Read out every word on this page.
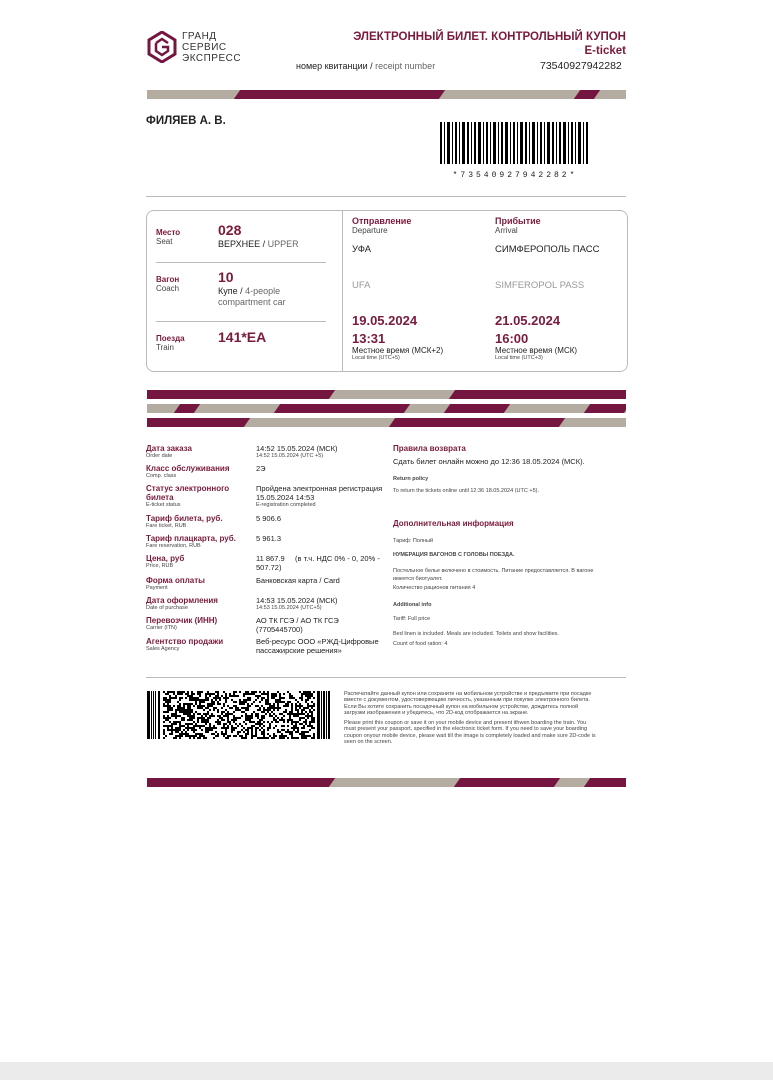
ГРАНД
СЕРВИС
ЭКСПРЕСС
ЭЛЕКТРОННЫЙ БИЛЕТ. КОНТРОЛЬНЫЙ КУПОН
E-ticket
номер квитанции / receipt number	73540927942282
ФИЛЯЕВ А. В.
*73540927942282*
Место
Seat
028
ВЕРХНЕЕ / UPPER
Вагон
Coach
10
Купе / 4-people
compartment car
Поезда
Train
141*ЕА
Отправление
Departure
УФА
UFA
19.05.2024
13:31
Местное время (МСК+2)
Local time (UTC+5)
Прибытие
Arrival
СИМФЕРОПОЛЬ ПАСС
SIMFEROPOL PASS
21.05.2024
16:00
Местное время (МСК)
Local time (UTC+3)
Дата заказа
Order date
14:52 15.05.2024 (МСК)
14:52 15.05.2024 (UTC +5)
Класс обслуживания
Comp. class
2Э
Статус электронного
билета
E-ticket status
Пройдена электронная регистрация
15.05.2024 14:53
E-registration completed
Тариф билета, руб.
Fare ticket, RUB
5 906.6
Тариф плацкарта, руб.
Fare reservation, RUB
5 961.3
Цена, руб
Price, RUB
11 867.9     (в т.ч. НДС 0% - 0, 20% -
507.72)
Форма оплаты
Payment
Банковская карта / Card
Дата оформления
Date of purchase
14:53 15.05.2024 (МСК)
14:53 15.05.2024 (UTC+5)
Перевозчик (ИНН)
Carrier (ITN)
АО ТК ГСЭ / АО ТК ГСЭ
(7705445700)
Агентство продажи
Sales Agency
Веб-ресурс ООО «РЖД-Цифровые
пассажирские решения»
Правила возврата
Сдать билет онлайн можно до 12:36 18.05.2024 (МСК).
Return policy
To return the tickets online until 12:36 18.05.2024 (UTC +5).
Дополнительная информация
Тариф: Полный
НУМЕРАЦИЯ ВАГОНОВ С ГОЛОВЫ ПОЕЗДА.
Постельное белье включено в стоимость. Питание предоставляется. В вагоне
имеется биотуалет.
Количество рационов питания 4
Additional info
Tariff: Full price
Bed linen is included. Meals are included. Toilets and show facilities.
Count of food ration: 4
Распечатайте данный купон или сохраните на мобильном устройстве и предъявите при посадке
вместе с документом, удостоверяющим личность, указанным при покупке электронного билета.
Если Вы хотите сохранить посадочный купон на мобильном устройстве, дождитесь полной
загрузки изображения и убедитесь, что 2D-код отображается на экране.
Please print this coupon or save it on your mobile device and present ithwen boarding the train. You
must present your passport, specified in the electronic ticket form. If you need to save your boarding
coupon onyour mobile device, please wait till the image is completely loaded and make sure 2D-code is
seen on the screen.
